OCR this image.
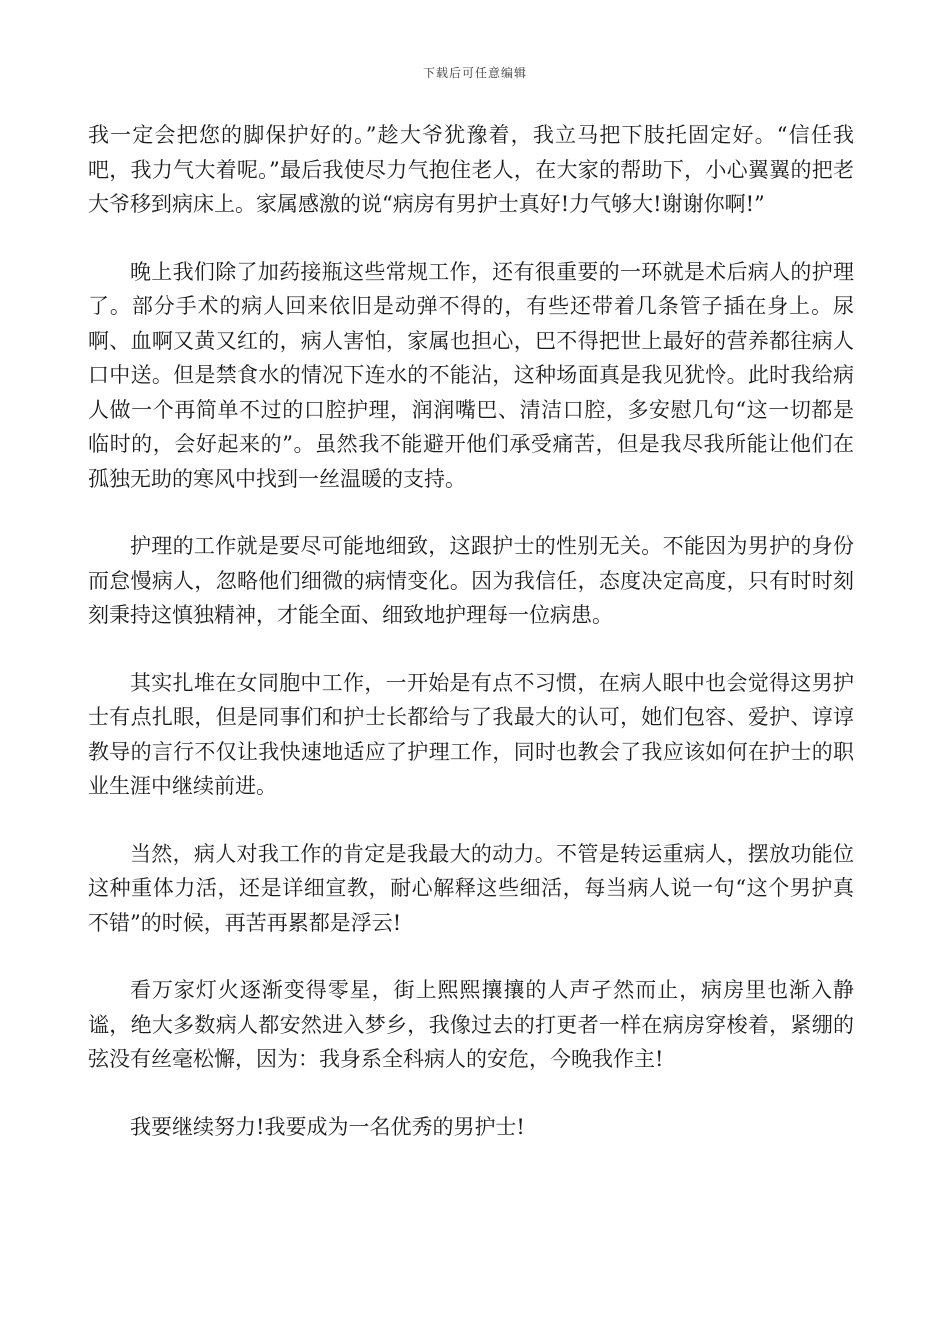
下载后可任意编辑

我一定会把您的脚保护好的。”趁大爷犹豫着，我立马把下肢托固定好。“信任我吧，我力气大着呢。”最后我使尽力气抱住老人，在大家的帮助下，小心翼翼的把老大爷移到病床上。家属感激的说“病房有男护士真好!力气够大!谢谢你啊!”

晚上我们除了加药接瓶这些常规工作，还有很重要的一环就是术后病人的护理了。部分手术的病人回来依旧是动弹不得的，有些还带着几条管子插在身上。尿啊、血啊又黄又红的，病人害怕，家属也担心，巴不得把世上最好的营养都往病人口中送。但是禁食水的情况下连水的不能沾，这种场面真是我见犹怜。此时我给病人做一个再简单不过的口腔护理，润润嘴巴、清洁口腔，多安慰几句“这一切都是临时的，会好起来的”。虽然我不能避开他们承受痛苦，但是我尽我所能让他们在孤独无助的寒风中找到一丝温暖的支持。

护理的工作就是要尽可能地细致，这跟护士的性别无关。不能因为男护的身份而怠慢病人，忽略他们细微的病情变化。因为我信任，态度决定高度，只有时时刻刻秉持这慎独精神，才能全面、细致地护理每一位病患。

其实扎堆在女同胞中工作，一开始是有点不习惯，在病人眼中也会觉得这男护士有点扎眼，但是同事们和护士长都给与了我最大的认可，她们包容、爱护、谆谆教导的言行不仅让我快速地适应了护理工作，同时也教会了我应该如何在护士的职业生涯中继续前进。

当然，病人对我工作的肯定是我最大的动力。不管是转运重病人，摆放功能位这种重体力活，还是详细宣教，耐心解释这些细活，每当病人说一句“这个男护真不错”的时候，再苦再累都是浮云!

看万家灯火逐渐变得零星，街上熙熙攘攘的人声孑然而止，病房里也渐入静谧，绝大多数病人都安然进入梦乡，我像过去的打更者一样在病房穿梭着，紧绷的弦没有丝毫松懈，因为：我身系全科病人的安危，今晚我作主!

我要继续努力!我要成为一名优秀的男护士!
